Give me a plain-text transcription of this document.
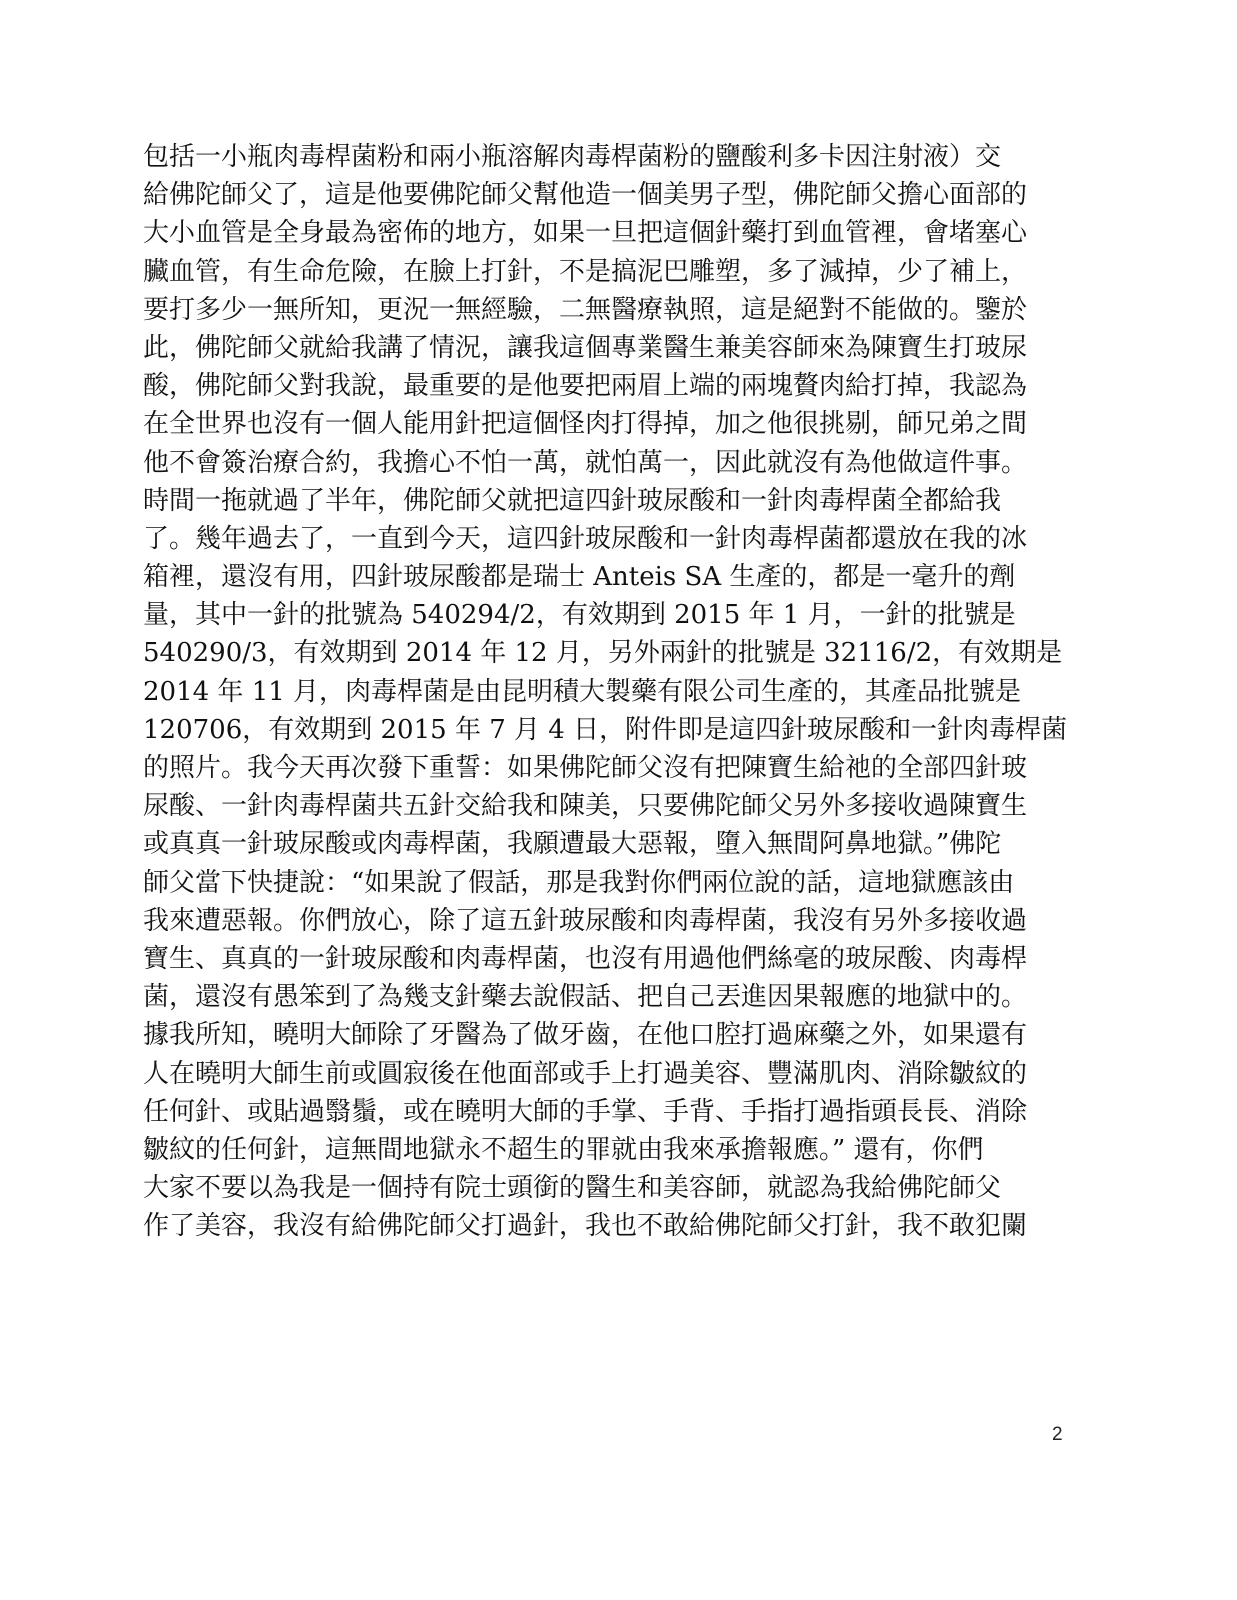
包括一小瓶肉毒桿菌粉和兩小瓶溶解肉毒桿菌粉的鹽酸利多卡因注射液）交
給佛陀師父了，這是他要佛陀師父幫他造一個美男子型，佛陀師父擔心面部的
大小血管是全身最為密佈的地方，如果一旦把這個針藥打到血管裡，會堵塞心
臟血管，有生命危險，在臉上打針，不是搞泥巴雕塑，多了減掉，少了補上，
要打多少一無所知，更況一無經驗，二無醫療執照，這是絕對不能做的。鑒於
此，佛陀師父就給我講了情況，讓我這個專業醫生兼美容師來為陳寶生打玻尿
酸，佛陀師父對我說，最重要的是他要把兩眉上端的兩塊贅肉給打掉，我認為
在全世界也沒有一個人能用針把這個怪肉打得掉，加之他很挑剔，師兄弟之間
他不會簽治療合約，我擔心不怕一萬，就怕萬一，因此就沒有為他做這件事。
時間一拖就過了半年，佛陀師父就把這四針玻尿酸和一針肉毒桿菌全都給我
了。幾年過去了，一直到今天，這四針玻尿酸和一針肉毒桿菌都還放在我的冰
箱裡，還沒有用，四針玻尿酸都是瑞士 Anteis SA 生產的，都是一毫升的劑
量，其中一針的批號為 540294/2，有效期到 2015 年 1 月，一針的批號是
540290/3，有效期到 2014 年 12 月，另外兩針的批號是 32116/2，有效期是
2014 年 11 月，肉毒桿菌是由昆明積大製藥有限公司生產的，其產品批號是
120706，有效期到 2015 年 7 月 4 日，附件即是這四針玻尿酸和一針肉毒桿菌
的照片。我今天再次發下重誓：如果佛陀師父沒有把陳寶生給祂的全部四針玻
尿酸、一針肉毒桿菌共五針交給我和陳美，只要佛陀師父另外多接收過陳寶生
或真真一針玻尿酸或肉毒桿菌，我願遭最大惡報，墮入無間阿鼻地獄。”佛陀
師父當下快捷說：“如果說了假話，那是我對你們兩位說的話，這地獄應該由
我來遭惡報。你們放心，除了這五針玻尿酸和肉毒桿菌，我沒有另外多接收過
寶生、真真的一針玻尿酸和肉毒桿菌，也沒有用過他們絲毫的玻尿酸、肉毒桿
菌，還沒有愚笨到了為幾支針藥去說假話、把自己丟進因果報應的地獄中的。
據我所知，曉明大師除了牙醫為了做牙齒，在他口腔打過麻藥之外，如果還有
人在曉明大師生前或圓寂後在他面部或手上打過美容、豐滿肌肉、消除皺紋的
任何針、或貼過翳鬚，或在曉明大師的手掌、手背、手指打過指頭長長、消除
皺紋的任何針，這無間地獄永不超生的罪就由我來承擔報應。” 還有，你們
大家不要以為我是一個持有院士頭銜的醫生和美容師，就認為我給佛陀師父
作了美容，我沒有給佛陀師父打過針，我也不敢給佛陀師父打針，我不敢犯闌
2
